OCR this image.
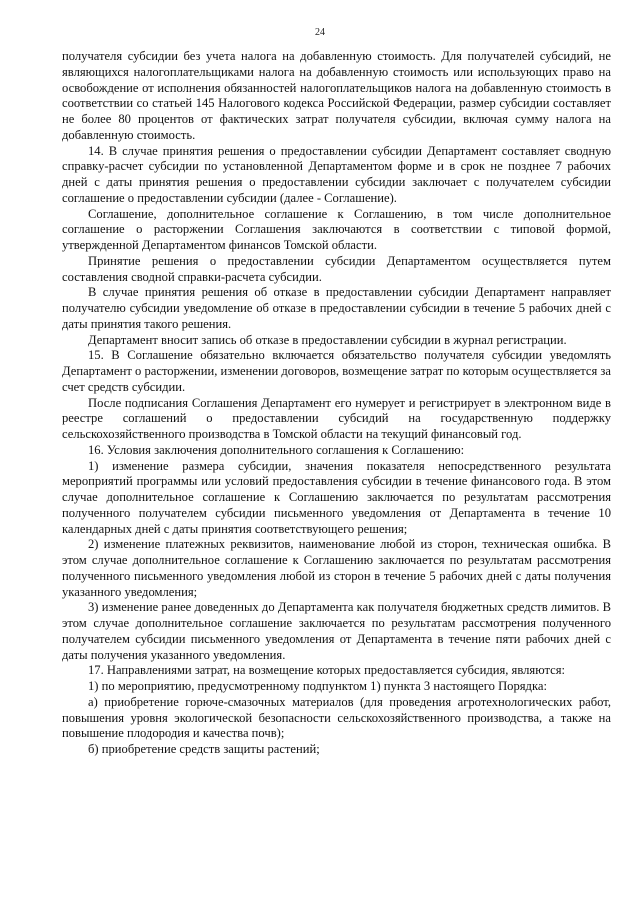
24

получателя субсидии без учета налога на добавленную стоимость. Для получателей субсидий, не являющихся налогоплательщиками налога на добавленную стоимость или использующих право на освобождение от исполнения обязанностей налогоплательщиков налога на добавленную стоимость в соответствии со статьей 145 Налогового кодекса Российской Федерации, размер субсидии составляет не более 80 процентов от фактических затрат получателя субсидии, включая сумму налога на добавленную стоимость.

14. В случае принятия решения о предоставлении субсидии Департамент составляет сводную справку-расчет субсидии по установленной Департаментом форме и в срок не позднее 7 рабочих дней с даты принятия решения о предоставлении субсидии заключает с получателем субсидии соглашение о предоставлении субсидии (далее - Соглашение).

Соглашение, дополнительное соглашение к Соглашению, в том числе дополнительное соглашение о расторжении Соглашения заключаются в соответствии с типовой формой, утвержденной Департаментом финансов Томской области.

Принятие решения о предоставлении субсидии Департаментом осуществляется путем составления сводной справки-расчета субсидии.

В случае принятия решения об отказе в предоставлении субсидии Департамент направляет получателю субсидии уведомление об отказе в предоставлении субсидии в течение 5 рабочих дней с даты принятия такого решения.

Департамент вносит запись об отказе в предоставлении субсидии в журнал регистрации.

15. В Соглашение обязательно включается обязательство получателя субсидии уведомлять Департамент о расторжении, изменении договоров, возмещение затрат по которым осуществляется за счет средств субсидии.

После подписания Соглашения Департамент его нумерует и регистрирует в электронном виде в реестре соглашений о предоставлении субсидий на государственную поддержку сельскохозяйственного производства в Томской области на текущий финансовый год.

16. Условия заключения дополнительного соглашения к Соглашению:

1) изменение размера субсидии, значения показателя непосредственного результата мероприятий программы или условий предоставления субсидии в течение финансового года. В этом случае дополнительное соглашение к Соглашению заключается по результатам рассмотрения полученного получателем субсидии письменного уведомления от Департамента в течение 10 календарных дней с даты принятия соответствующего решения;

2) изменение платежных реквизитов, наименование любой из сторон, техническая ошибка. В этом случае дополнительное соглашение к Соглашению заключается по результатам рассмотрения полученного письменного уведомления любой из сторон в течение 5 рабочих дней с даты получения указанного уведомления;

3) изменение ранее доведенных до Департамента как получателя бюджетных средств лимитов. В этом случае дополнительное соглашение заключается по результатам рассмотрения полученного получателем субсидии письменного уведомления от Департамента в течение пяти рабочих дней с даты получения указанного уведомления.

17. Направлениями затрат, на возмещение которых предоставляется субсидия, являются:

1) по мероприятию, предусмотренному подпунктом 1) пункта 3 настоящего Порядка:

а) приобретение горюче-смазочных материалов (для проведения агротехнологических работ, повышения уровня экологической безопасности сельскохозяйственного производства, а также на повышение плодородия и качества почв);

б) приобретение средств защиты растений;
